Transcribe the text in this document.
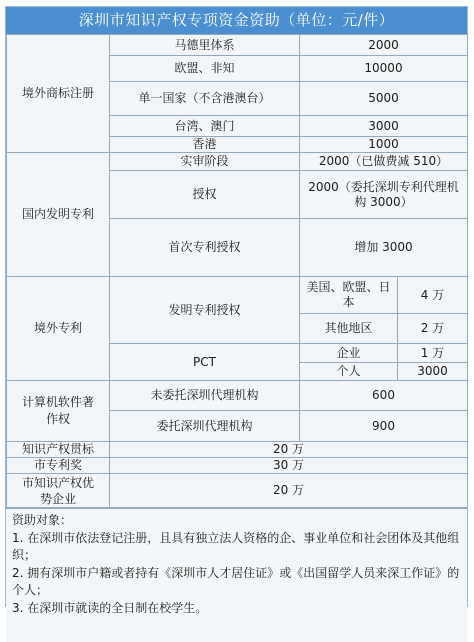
深圳市知识产权专项资金资助（单位：元/件）
境外商标注册	马德里体系	2000	
	欧盟、非知	10000	
	单一国家（不含港澳台）	5000	
	台湾、澳门	3000	
	香港	1000	
国内发明专利	实审阶段	2000（已做费减 510）	
	授权	2000（委托深圳专利代理机构 3000）	
	首次专利授权	增加 3000	
境外专利	发明专利授权	美国、欧盟、日本	4 万
		其他地区	2 万
	PCT	企业	1 万
		个人	3000

计算机软件著作权	未委托深圳代理机构	600	
	委托深圳代理机构	900	
知识产权贯标	20 万		
市专利奖	30 万		

市知识产权优势企业	20 万		
资助对象：
1. 在深圳市依法登记注册，且具有独立法人资格的企、事业单位和社会团体及其他组织；
2. 拥有深圳市户籍或者持有《深圳市人才居住证》或《出国留学人员来深工作证》的个人；
3. 在深圳市就读的全日制在校学生。
